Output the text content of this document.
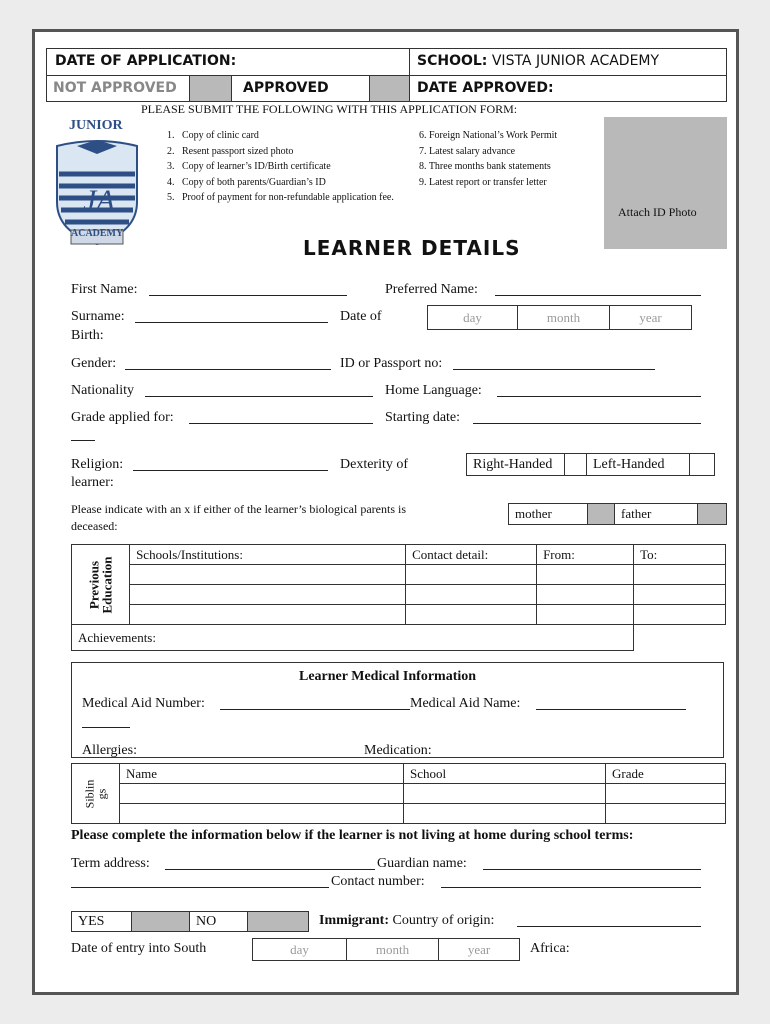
DATE OF APPLICATION:	SCHOOL: VISTA JUNIOR ACADEMY
NOT APPROVED	APPROVED	DATE APPROVED:
PLEASE SUBMIT THE FOLLOWING WITH THIS APPLICATION FORM:
1.   Copy of clinic card
2.   Resent passport sized photo
3.   Copy of learner’s ID/Birth certificate
4.   Copy of both parents/Guardian’s ID
5.   Proof of payment for non-refundable application fee.
6. Foreign National’s Work Permit
7. Latest salary advance
8. Three months bank statements
9. Latest report or transfer letter
JUNIOR
JA
ACADEMY
Attach ID Photo
LEARNER DETAILS
First Name:	Preferred Name:
Surname:	Date of
Birth:
day	month	year
Gender:	ID or Passport no:
Nationality	Home Language:
Grade applied for:	Starting date:
Religion:	Dexterity of
learner:
Right-Handed		Left-Handed	
Please indicate with an x if either of the learner’s biological parents is
deceased:
mother		father	
Previous
Education	Schools/Institutions:	Contact detail:	From:	To:

Achievements:				
Learner Medical Information
Medical Aid Number:	Medical Aid Name:
Allergies:	Medication:
Siblin
gs	Name	School	Grade

Please complete the information below if the learner is not living at home during school terms:
Term address:	Guardian name:
Contact number:
YES		NO		Immigrant: Country of origin:
Date of entry into South	day	month	year	Africa:
